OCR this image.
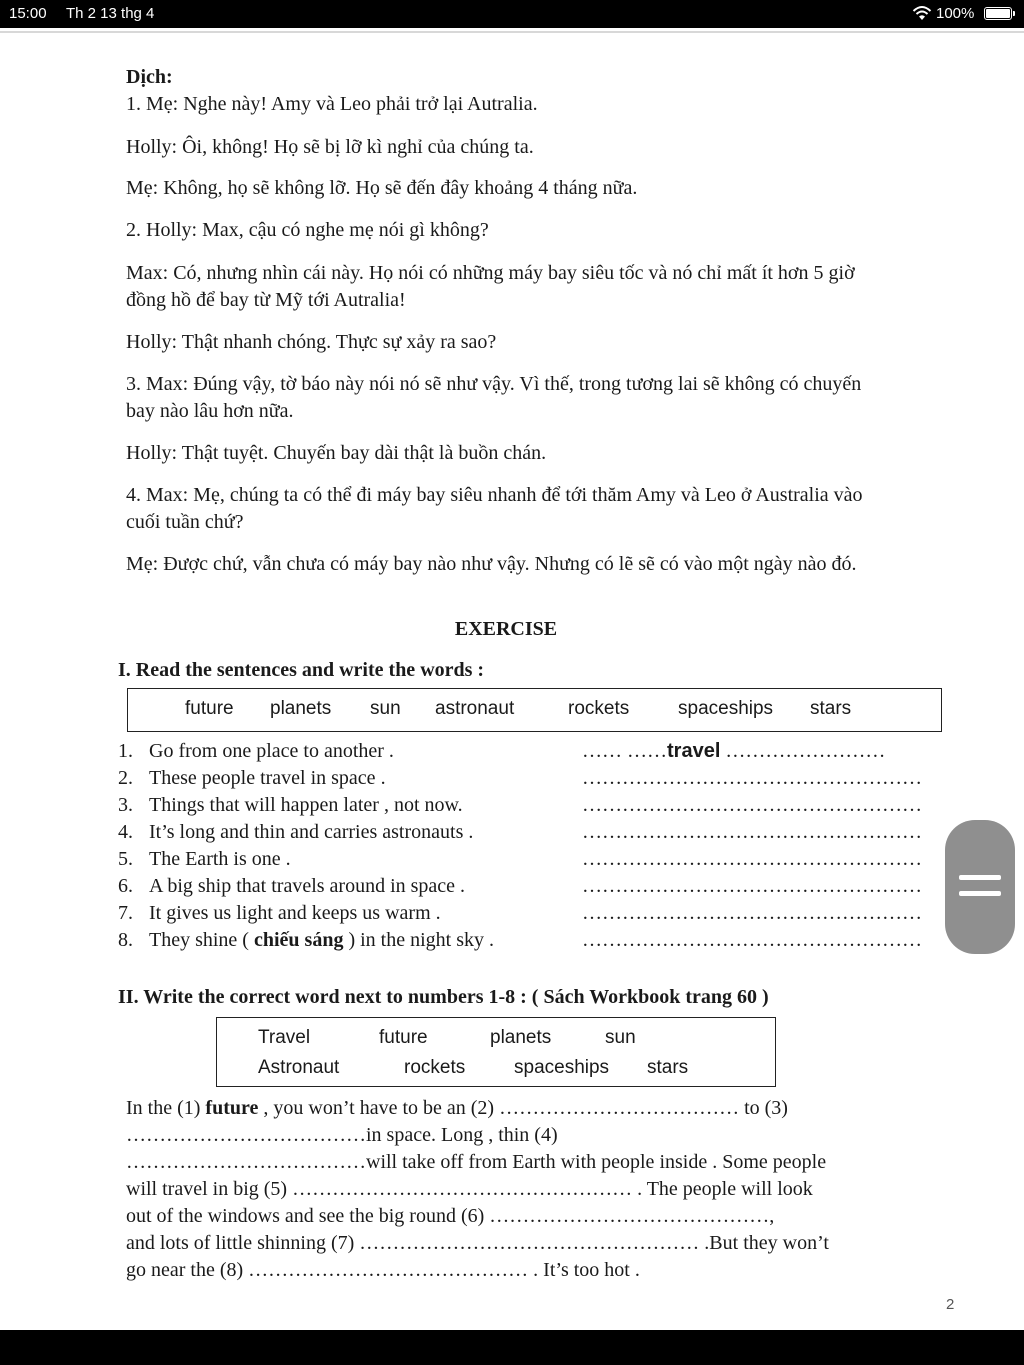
15:00 Th 2 13 thg 4	100%
Dịch:
1. Mẹ: Nghe này! Amy và Leo phải trở lại Autralia.
Holly: Ôi, không! Họ sẽ bị lỡ kì nghỉ của chúng ta.
Mẹ: Không, họ sẽ không lỡ. Họ sẽ đến đây khoảng 4 tháng nữa.
2. Holly: Max, cậu có nghe mẹ nói gì không?
Max: Có, nhưng nhìn cái này. Họ nói có những máy bay siêu tốc và nó chỉ mất ít hơn 5 giờ
đồng hồ để bay từ Mỹ tới Autralia!
Holly: Thật nhanh chóng. Thực sự xảy ra sao?
3. Max: Đúng vậy, tờ báo này nói nó sẽ như vậy. Vì thế, trong tương lai sẽ không có chuyến
bay nào lâu hơn nữa.
Holly: Thật tuyệt. Chuyến bay dài thật là buồn chán.
4. Max: Mẹ, chúng ta có thể đi máy bay siêu nhanh để tới thăm Amy và Leo ở Australia vào
cuối tuần chứ?
Mẹ: Được chứ, vẫn chưa có máy bay nào như vậy. Nhưng có lẽ sẽ có vào một ngày nào đó.
EXERCISE
I. Read the sentences and write the words :
future planets sun astronaut	rockets	spaceships stars
1. Go from one place to another .	…… ……travel ……………………
2. These people travel in space .	……………………………………………
3. Things that will happen later , not now.	……………………………………………
4. It’s long and thin and carries astronauts .	……………………………………………
5. The Earth is one .	……………………………………………
6. A big ship that travels around in space .	……………………………………………
7. It gives us light and keeps us warm .	……………………………………………
8. They shine ( chiếu sáng ) in the night sky .	……………………………………………
II. Write the correct word next to numbers 1-8 : ( Sách Workbook trang 60 )
Travel	future	planets	sun
Astronaut	rockets	spaceships stars
In the (1) future , you won’t have to be an (2) ……………………………… to (3)
………………………………in space. Long , thin (4)
………………………………will take off from Earth with people inside . Some people
will travel in big (5) …………………………………………… . The people will look
out of the windows and see the big round (6) ……………………………………,
and lots of little shinning (7) …………………………………………… .But they won’t
go near the (8) …………………………………… . It’s too hot .
2
